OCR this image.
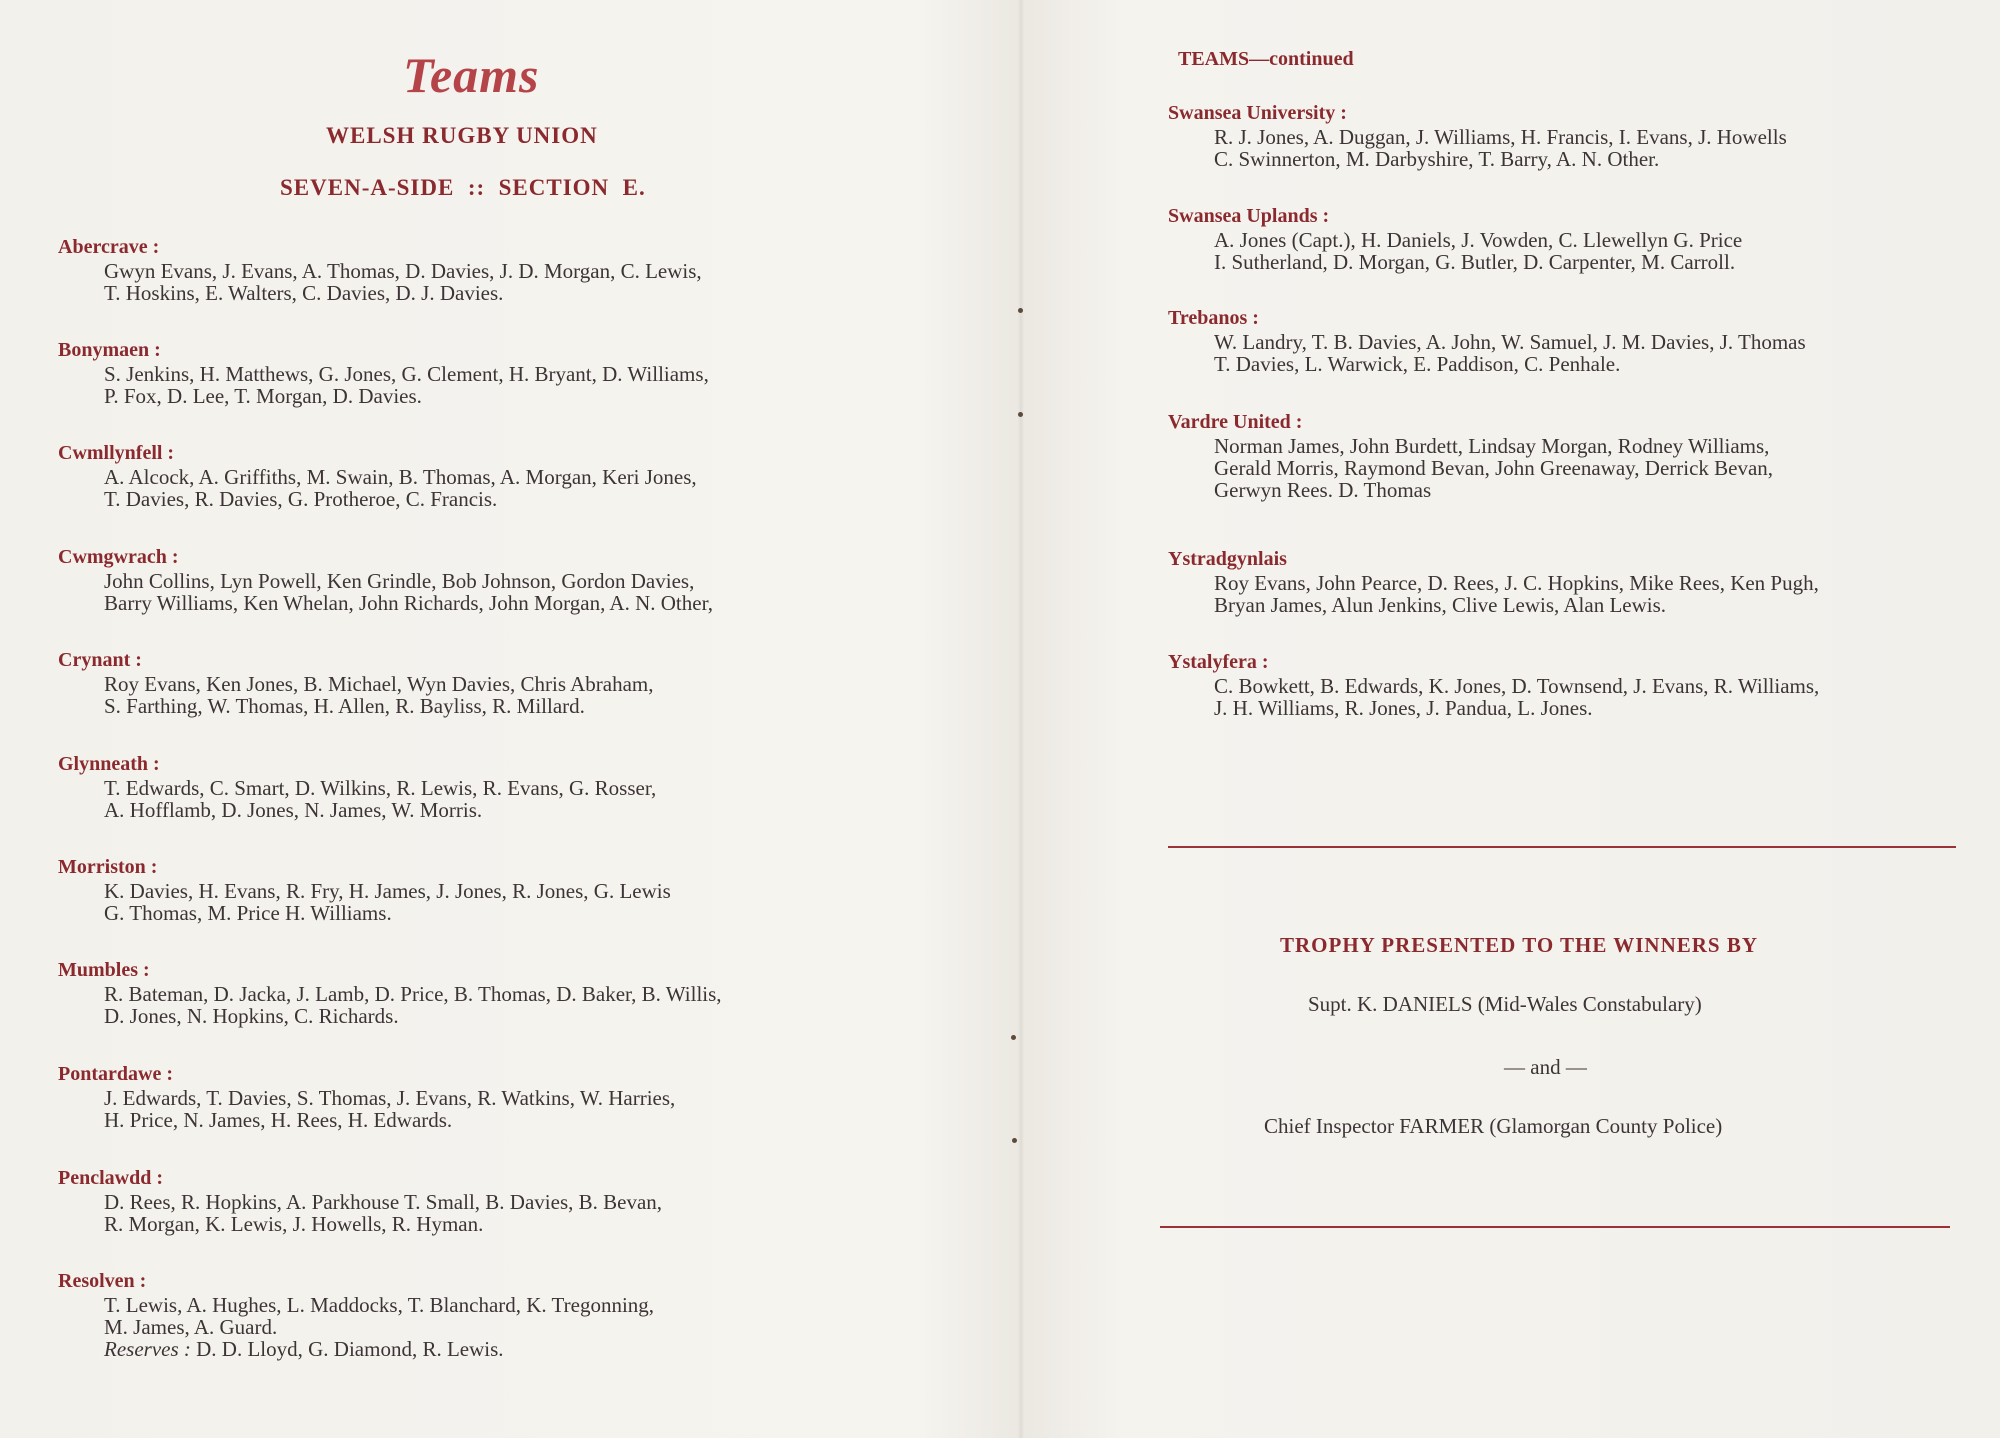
Teams
WELSH RUGBY UNION
SEVEN-A-SIDE  ::  SECTION  E.
Abercrave :
Gwyn Evans, J. Evans, A. Thomas, D. Davies, J. D. Morgan, C. Lewis,
T. Hoskins, E. Walters, C. Davies, D. J. Davies.
Bonymaen :
S. Jenkins, H. Matthews, G. Jones, G. Clement, H. Bryant, D. Williams,
P. Fox, D. Lee, T. Morgan, D. Davies.
Cwmllynfell :
A. Alcock, A. Griffiths, M. Swain, B. Thomas, A. Morgan, Keri Jones,
T. Davies, R. Davies, G. Protheroe, C. Francis.
Cwmgwrach :
John Collins, Lyn Powell, Ken Grindle, Bob Johnson, Gordon Davies,
Barry Williams, Ken Whelan, John Richards, John Morgan, A. N. Other,
Crynant :
Roy Evans, Ken Jones, B. Michael, Wyn Davies, Chris Abraham,
S. Farthing, W. Thomas, H. Allen, R. Bayliss, R. Millard.
Glynneath :
T. Edwards, C. Smart, D. Wilkins, R. Lewis, R. Evans, G. Rosser,
A. Hofflamb, D. Jones, N. James, W. Morris.
Morriston :
K. Davies, H. Evans, R. Fry, H. James, J. Jones, R. Jones, G. Lewis
G. Thomas, M. Price H. Williams.
Mumbles :
R. Bateman, D. Jacka, J. Lamb, D. Price, B. Thomas, D. Baker, B. Willis,
D. Jones, N. Hopkins, C. Richards.
Pontardawe :
J. Edwards, T. Davies, S. Thomas, J. Evans, R. Watkins, W. Harries,
H. Price, N. James, H. Rees, H. Edwards.
Penclawdd :
D. Rees, R. Hopkins, A. Parkhouse T. Small, B. Davies, B. Bevan,
R. Morgan, K. Lewis, J. Howells, R. Hyman.
Resolven :
T. Lewis, A. Hughes, L. Maddocks, T. Blanchard, K. Tregonning,
M. James, A. Guard.
Reserves : D. D. Lloyd, G. Diamond, R. Lewis.
TEAMS—continued
Swansea University :
R. J. Jones, A. Duggan, J. Williams, H. Francis, I. Evans, J. Howells
C. Swinnerton, M. Darbyshire, T. Barry, A. N. Other.
Swansea Uplands :
A. Jones (Capt.), H. Daniels, J. Vowden, C. Llewellyn G. Price
I. Sutherland, D. Morgan, G. Butler, D. Carpenter, M. Carroll.
Trebanos :
W. Landry, T. B. Davies, A. John, W. Samuel, J. M. Davies, J. Thomas
T. Davies, L. Warwick, E. Paddison, C. Penhale.
Vardre United :
Norman James, John Burdett, Lindsay Morgan, Rodney Williams,
Gerald Morris, Raymond Bevan, John Greenaway, Derrick Bevan,
Gerwyn Rees. D. Thomas
Ystradgynlais
Roy Evans, John Pearce, D. Rees, J. C. Hopkins, Mike Rees, Ken Pugh,
Bryan James, Alun Jenkins, Clive Lewis, Alan Lewis.
Ystalyfera :
C. Bowkett, B. Edwards, K. Jones, D. Townsend, J. Evans, R. Williams,
J. H. Williams, R. Jones, J. Pandua, L. Jones.
TROPHY PRESENTED TO THE WINNERS BY
Supt. K. DANIELS (Mid-Wales Constabulary)
— and —
Chief Inspector FARMER (Glamorgan County Police)
